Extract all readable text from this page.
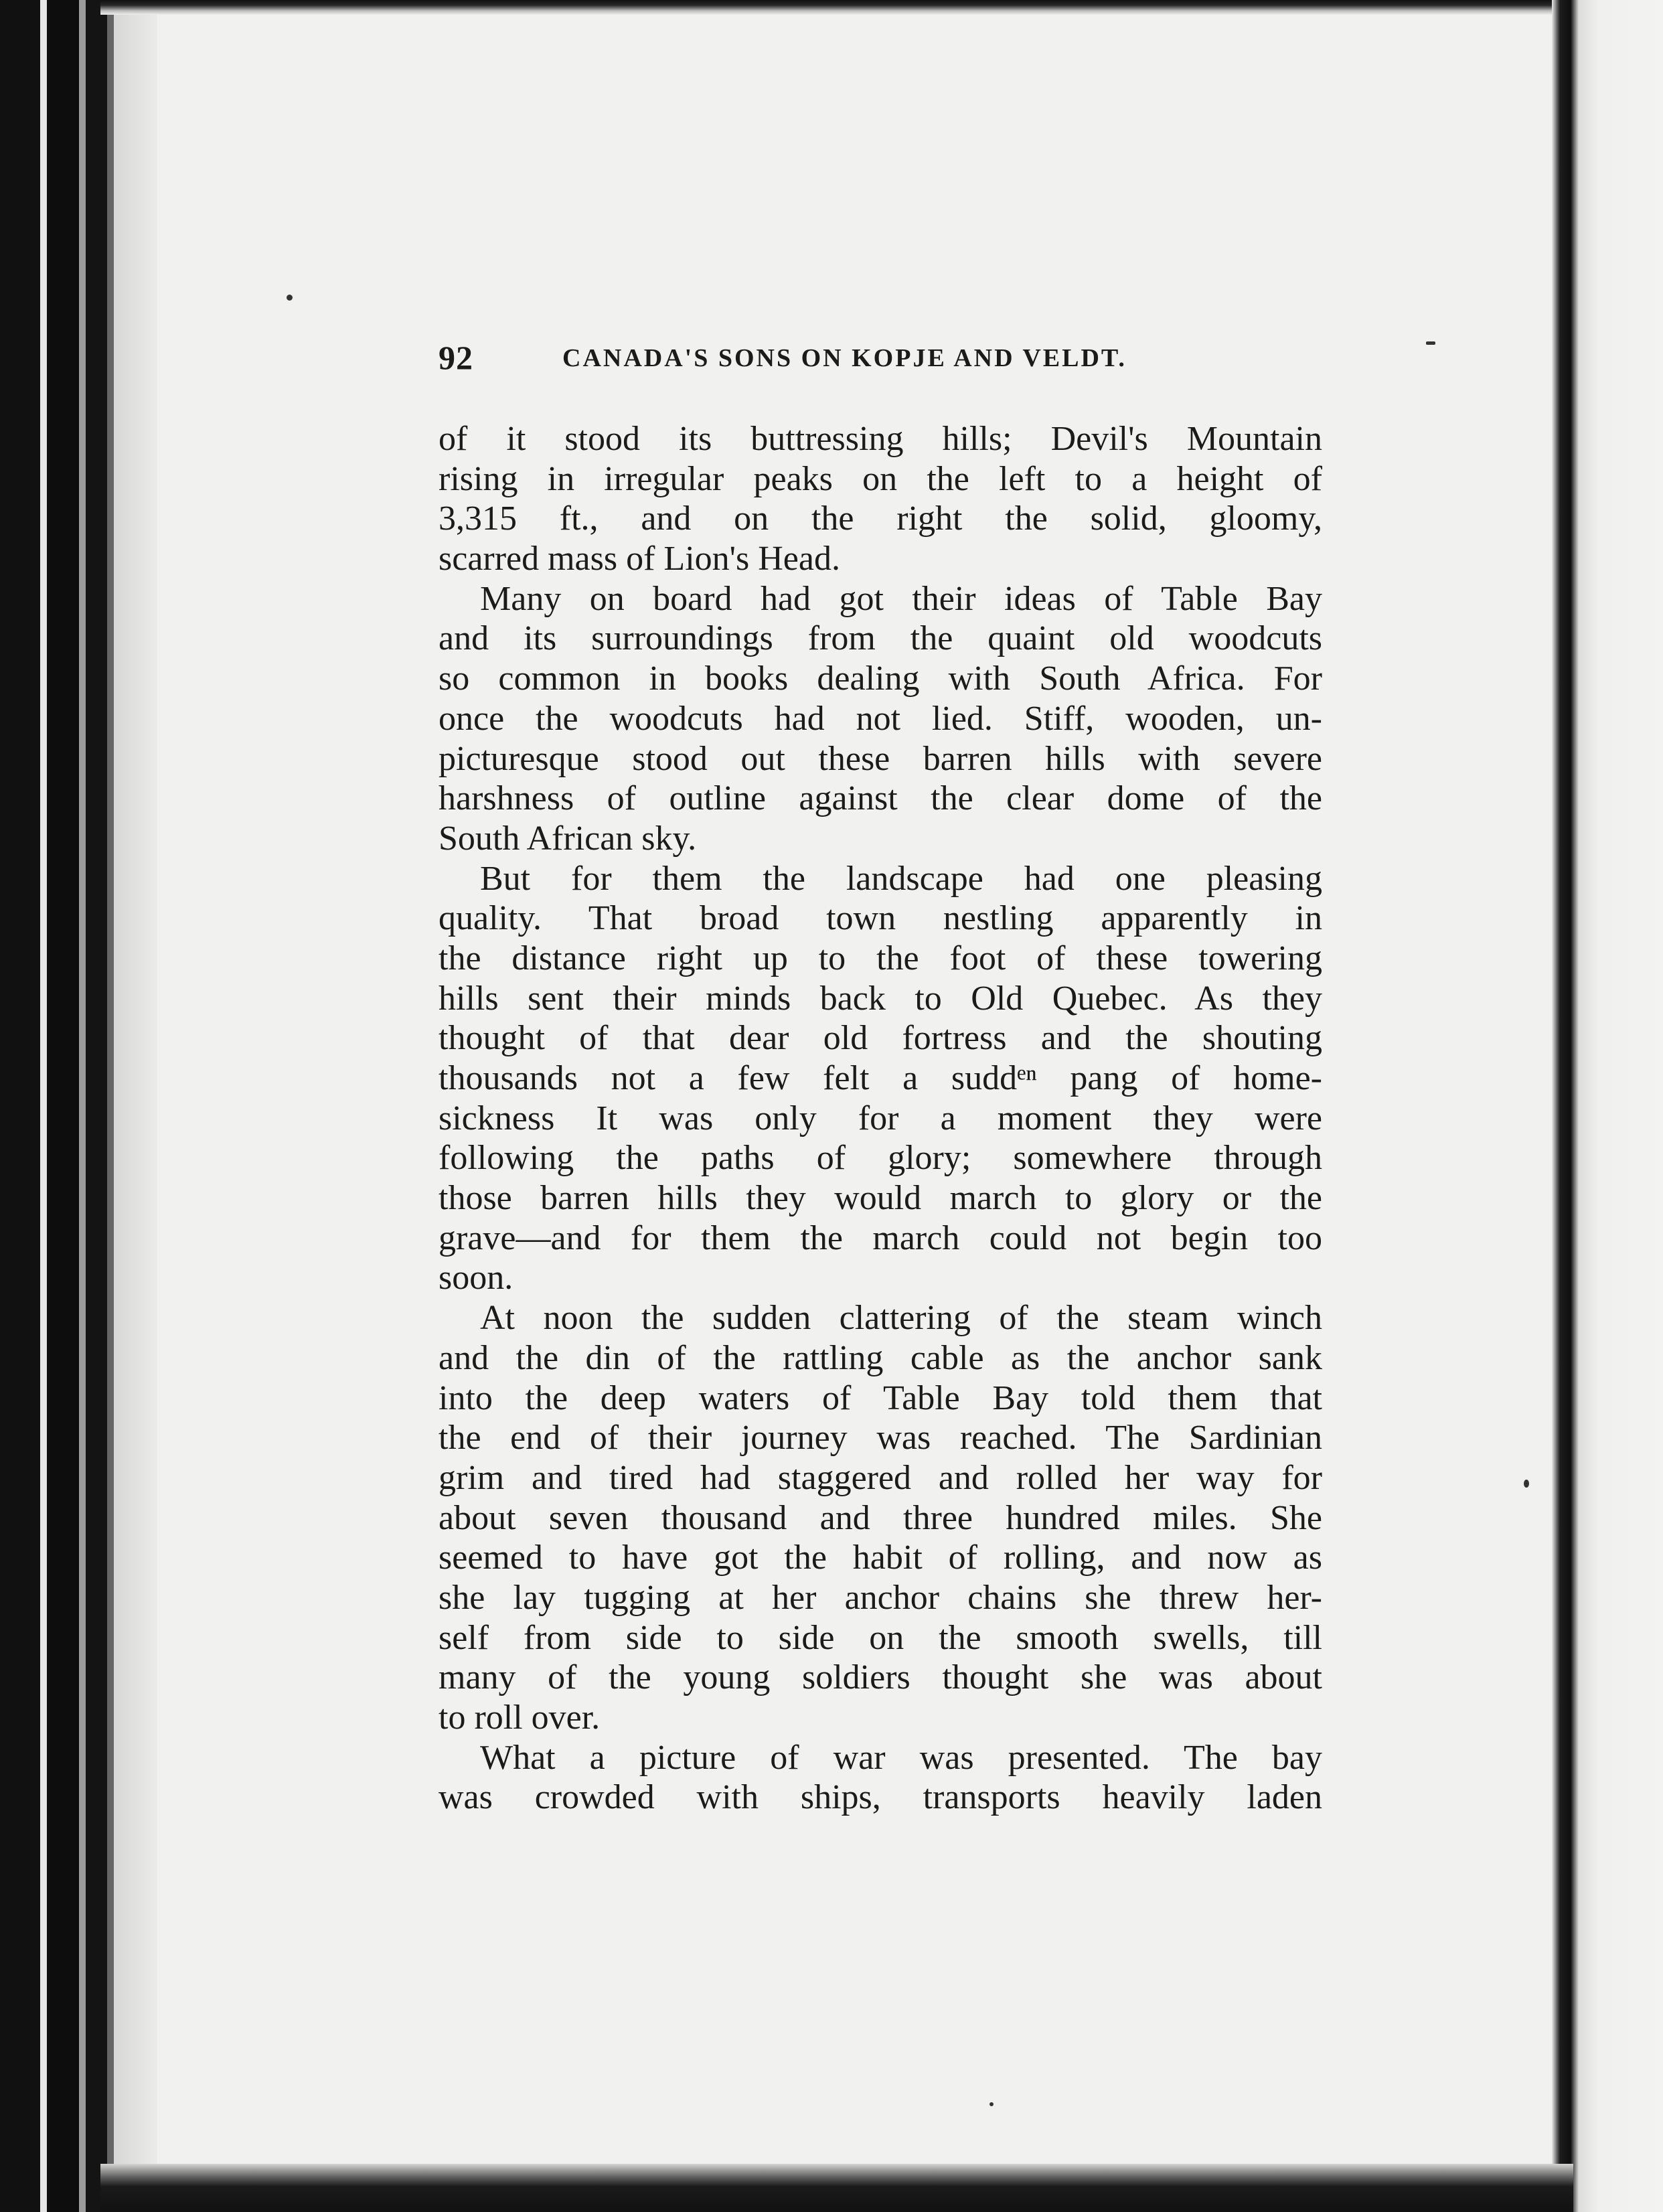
92	CANADA'S SONS ON KOPJE AND VELDT.
of it stood its buttressing hills; Devil's Mountain
rising in irregular peaks on the left to a height of
3,315 ft., and on the right the solid, gloomy,
scarred mass of Lion's Head.
Many on board had got their ideas of Table Bay
and its surroundings from the quaint old woodcuts
so common in books dealing with South Africa. For
once the woodcuts had not lied. Stiff, wooden, un-
picturesque stood out these barren hills with severe
harshness of outline against the clear dome of the
South African sky.
But for them the landscape had one pleasing
quality. That broad town nestling apparently in
the distance right up to the foot of these towering
hills sent their minds back to Old Quebec. As they
thought of that dear old fortress and the shouting
thousands not a few felt a suddᵉⁿ pang of home-
sickness It was only for a moment they were
following the paths of glory; somewhere through
those barren hills they would march to glory or the
grave—and for them the march could not begin too
soon.
At noon the sudden clattering of the steam winch
and the din of the rattling cable as the anchor sank
into the deep waters of Table Bay told them that
the end of their journey was reached. The Sardinian
grim and tired had staggered and rolled her way for
about seven thousand and three hundred miles. She
seemed to have got the habit of rolling, and now as
she lay tugging at her anchor chains she threw her-
self from side to side on the smooth swells, till
many of the young soldiers thought she was about
to roll over.
What a picture of war was presented. The bay
was crowded with ships, transports heavily laden
